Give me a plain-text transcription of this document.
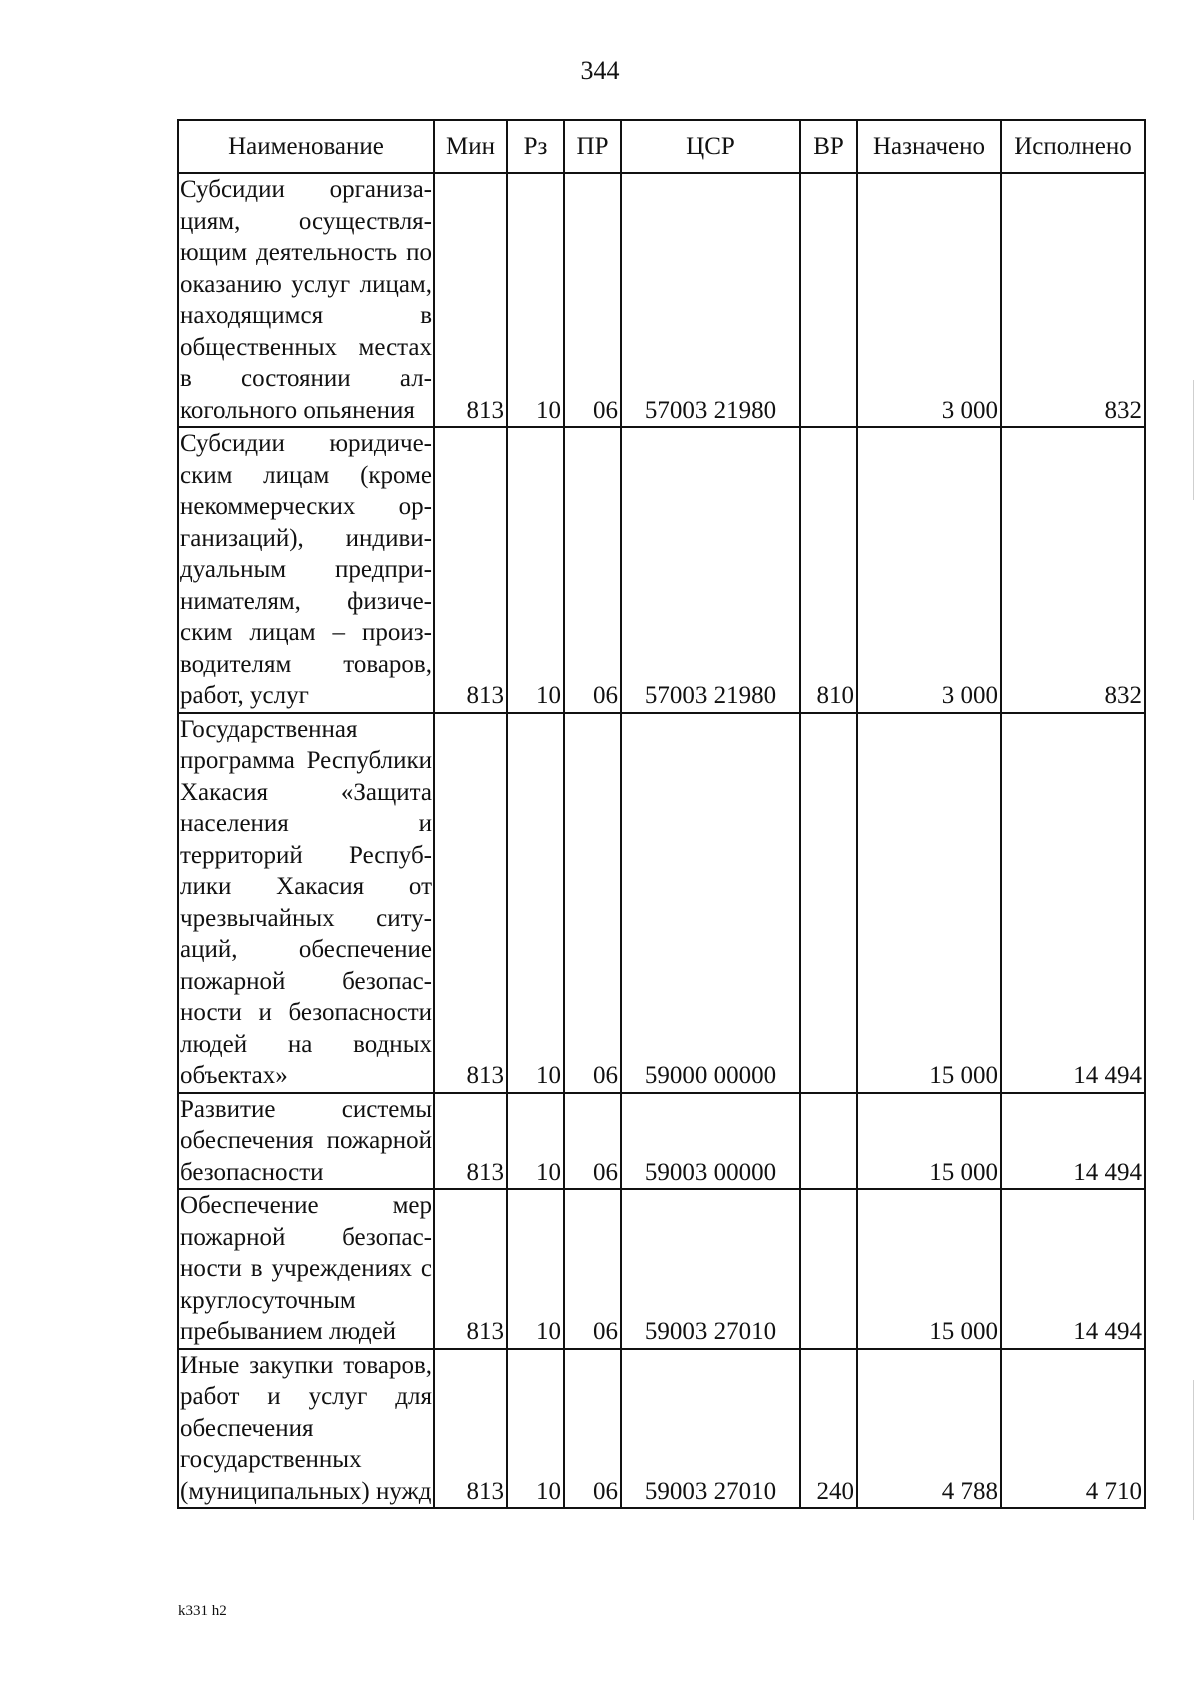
344
Наименование	Мин	Рз	ПР	ЦСР	ВР	Назначено	Исполнено
Субсидии организациям, осуществляющим деятельность по оказанию услуг лицам, находящимся в общественных местах в состоянии алкогольного опьянения	813	10	06	57003 21980		3 000	832
Субсидии юридическим лицам (кроме некоммерческих организаций), индивидуальным предпринимателям, физическим лицам – производителям товаров, работ, услуг	813	10	06	57003 21980	810	3 000	832
Государственная программа Республики Хакасия «Защита населения и территорий Республики Хакасия от чрезвычайных ситуаций, обеспечение пожарной безопасности и безопасности людей на водных объектах»	813	10	06	59000 00000		15 000	14 494
Развитие системы обеспечения пожарной безопасности	813	10	06	59003 00000		15 000	14 494
Обеспечение мер пожарной безопасности в учреждениях с круглосуточным пребыванием людей	813	10	06	59003 27010		15 000	14 494
Иные закупки товаров, работ и услуг для обеспечения государственных (муниципальных) нужд	813	10	06	59003 27010	240	4 788	4 710
k331 h2
